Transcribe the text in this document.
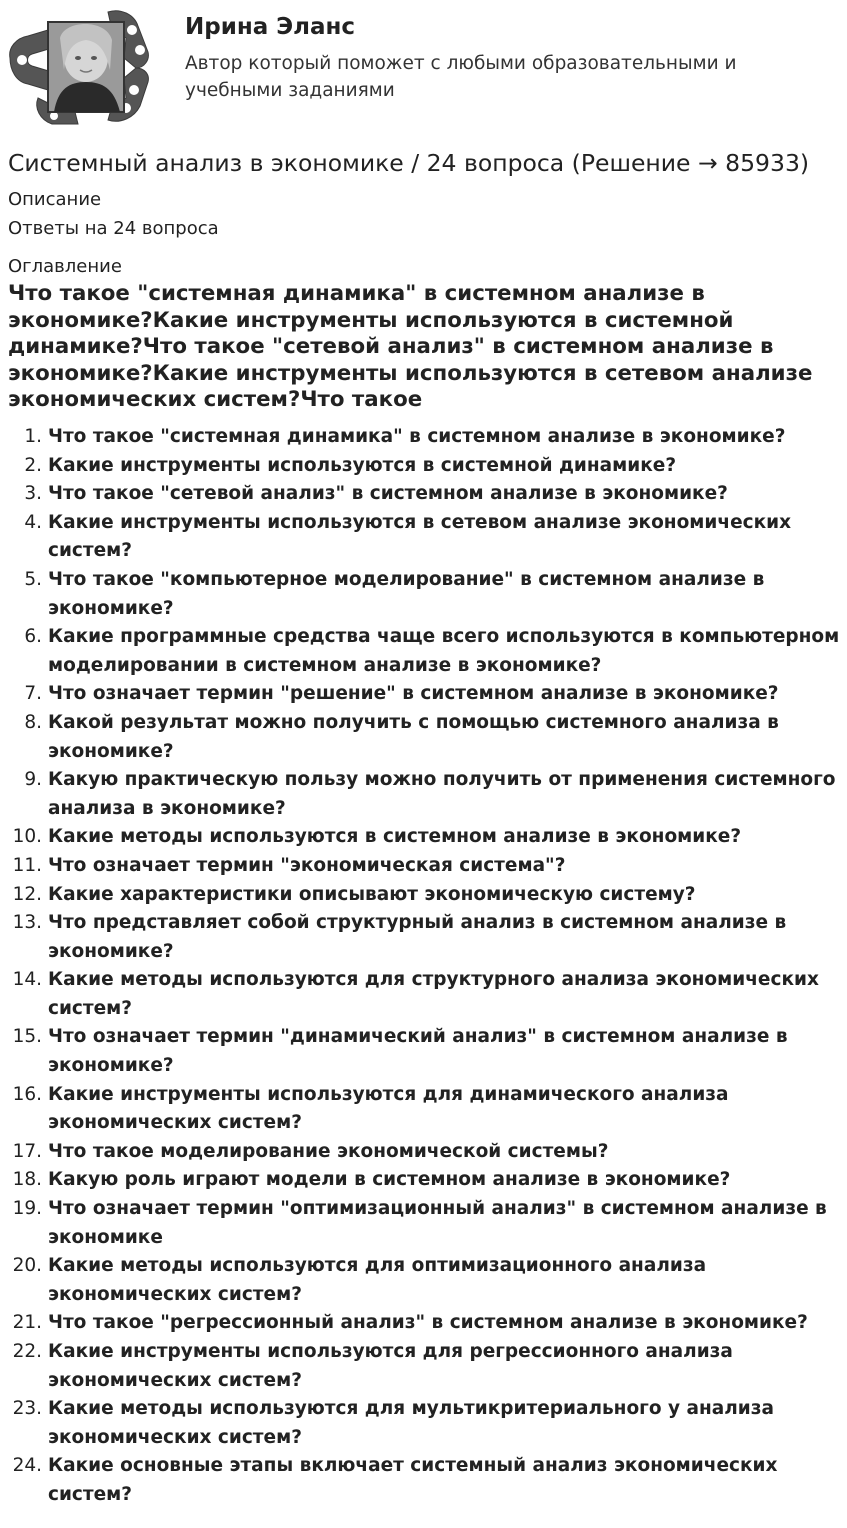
Ирина Эланс
Автор который поможет с любыми образовательными и учебными заданиями
Системный анализ в экономике / 24 вопроса (Решение → 85933)
Описание
Ответы на 24 вопроса
Оглавление
Что такое "системная динамика" в системном анализе в экономике?Какие инструменты используются в системной динамике?Что такое "сетевой анализ" в системном анализе в экономике?Какие инструменты используются в сетевом анализе экономических систем?Что такое
1. Что такое "системная динамика" в системном анализе в экономике?
2. Какие инструменты используются в системной динамике?
3. Что такое "сетевой анализ" в системном анализе в экономике?
4. Какие инструменты используются в сетевом анализе экономических систем?
5. Что такое "компьютерное моделирование" в системном анализе в экономике?
6. Какие программные средства чаще всего используются в компьютерном моделировании в системном анализе в экономике?
7. Что означает термин "решение" в системном анализе в экономике?
8. Какой результат можно получить с помощью системного анализа в экономике?
9. Какую практическую пользу можно получить от применения системного анализа в экономике?
10. Какие методы используются в системном анализе в экономике?
11. Что означает термин "экономическая система"?
12. Какие характеристики описывают экономическую систему?
13. Что представляет собой структурный анализ в системном анализе в экономике?
14. Какие методы используются для структурного анализа экономических систем?
15. Что означает термин "динамический анализ" в системном анализе в экономике?
16. Какие инструменты используются для динамического анализа экономических систем?
17. Что такое моделирование экономической системы?
18. Какую роль играют модели в системном анализе в экономике?
19. Что означает термин "оптимизационный анализ" в системном анализе в экономике
20. Какие методы используются для оптимизационного анализа экономических систем?
21. Что такое "регрессионный анализ" в системном анализе в экономике?
22. Какие инструменты используются для регрессионного анализа экономических систем?
23. Какие методы используются для мультикритериального у анализа экономических систем?
24. Какие основные этапы включает системный анализ экономических систем?
